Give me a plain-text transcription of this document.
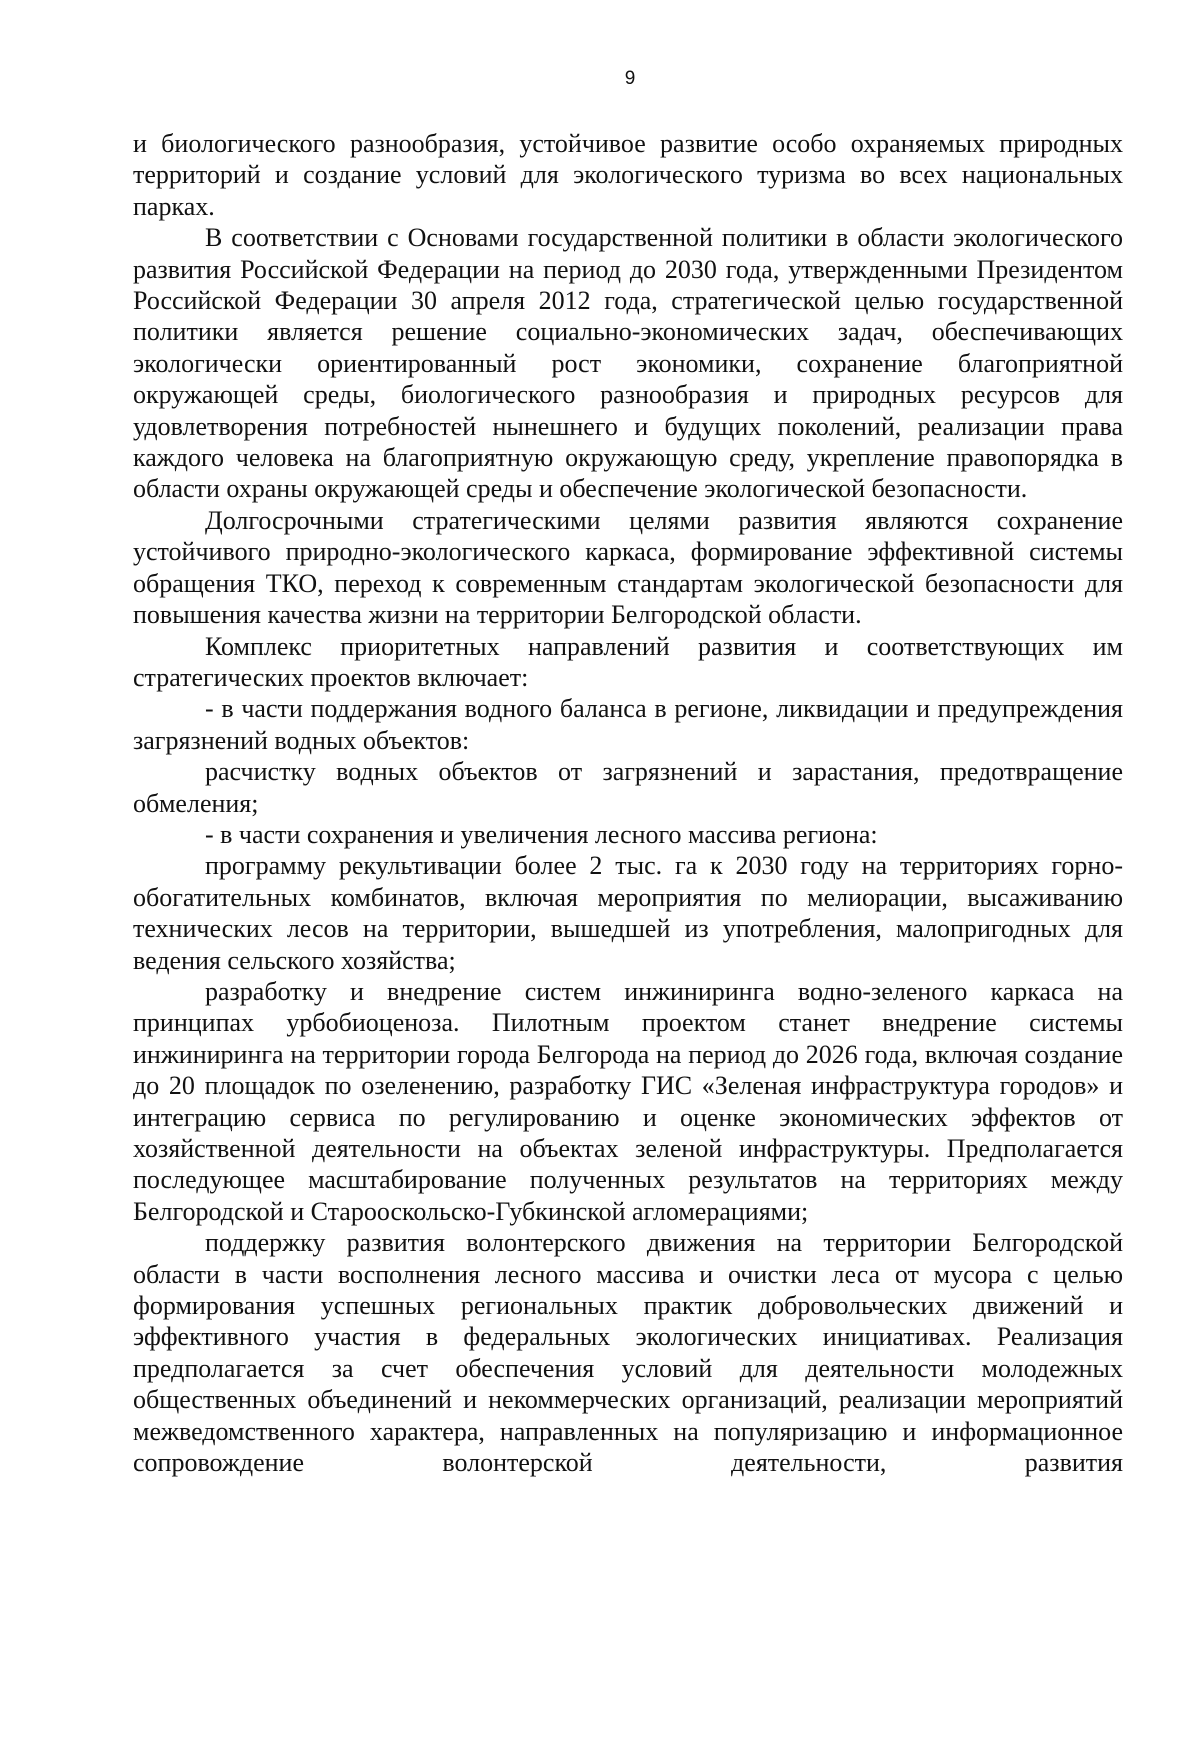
9

и биологического разнообразия, устойчивое развитие особо охраняемых природных территорий и создание условий для экологического туризма во всех национальных парках.

В соответствии с Основами государственной политики в области экологического развития Российской Федерации на период до 2030 года, утвержденными Президентом Российской Федерации 30 апреля 2012 года, стратегической целью государственной политики является решение социально-экономических задач, обеспечивающих экологически ориентированный рост экономики, сохранение благоприятной окружающей среды, биологического разнообразия и природных ресурсов для удовлетворения потребностей нынешнего и будущих поколений, реализации права каждого человека на благоприятную окружающую среду, укрепление правопорядка в области охраны окружающей среды и обеспечение экологической безопасности.

Долгосрочными стратегическими целями развития являются сохранение устойчивого природно-экологического каркаса, формирование эффективной системы обращения ТКО, переход к современным стандартам экологической безопасности для повышения качества жизни на территории Белгородской области.

Комплекс приоритетных направлений развития и соответствующих им стратегических проектов включает:

- в части поддержания водного баланса в регионе, ликвидации и предупреждения загрязнений водных объектов:

расчистку водных объектов от загрязнений и зарастания, предотвращение обмеления;

- в части сохранения и увеличения лесного массива региона:

программу рекультивации более 2 тыс. га к 2030 году на территориях горно-обогатительных комбинатов, включая мероприятия по мелиорации, высаживанию технических лесов на территории, вышедшей из употребления, малопригодных для ведения сельского хозяйства;

разработку и внедрение систем инжиниринга водно-зеленого каркаса на принципах урбобиоценоза. Пилотным проектом станет внедрение системы инжиниринга на территории города Белгорода на период до 2026 года, включая создание до 20 площадок по озеленению, разработку ГИС «Зеленая инфраструктура городов» и интеграцию сервиса по регулированию и оценке экономических эффектов от хозяйственной деятельности на объектах зеленой инфраструктуры. Предполагается последующее масштабирование полученных результатов на территориях между Белгородской и Старооскольско-Губкинской агломерациями;

поддержку развития волонтерского движения на территории Белгородской области в части восполнения лесного массива и очистки леса от мусора с целью формирования успешных региональных практик добровольческих движений и эффективного участия в федеральных экологических инициативах. Реализация предполагается за счет обеспечения условий для деятельности молодежных общественных объединений и некоммерческих организаций, реализации мероприятий межведомственного характера, направленных на популяризацию и информационное сопровождение волонтерской деятельности, развития
